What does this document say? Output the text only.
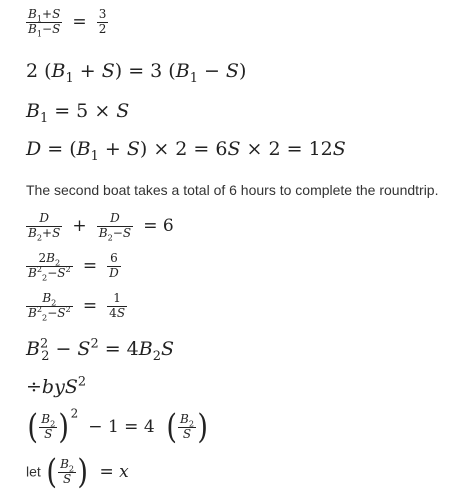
$\frac{B_1+S}{B_1-S} = \frac{3}{2}$
2 $(B_1 + S) = 3$ $(B_1 - S)$
$B_1 = 5 \times S$
$D = (B_1 + S) \times 2 = 6S \times 2 = 12S$
The second boat takes a total of 6 hours to complete the roundtrip.
$\frac{D}{B_2+S} + \frac{D}{B_2-S} = 6$
$\frac{2B_2}{B^2_2-S^2} = \frac{6}{D}$
$\frac{B_2}{B^2_2-S^2} = \frac{1}{4S}$
$B^2_2 - S^2 = 4B_2S$
÷byS$^2$
( $\frac{B_2}{S} )^2 - 1 = 4$ ( $\frac{B_2}{S}$ )
let ( $\frac{B_2}{S}$ ) = x
